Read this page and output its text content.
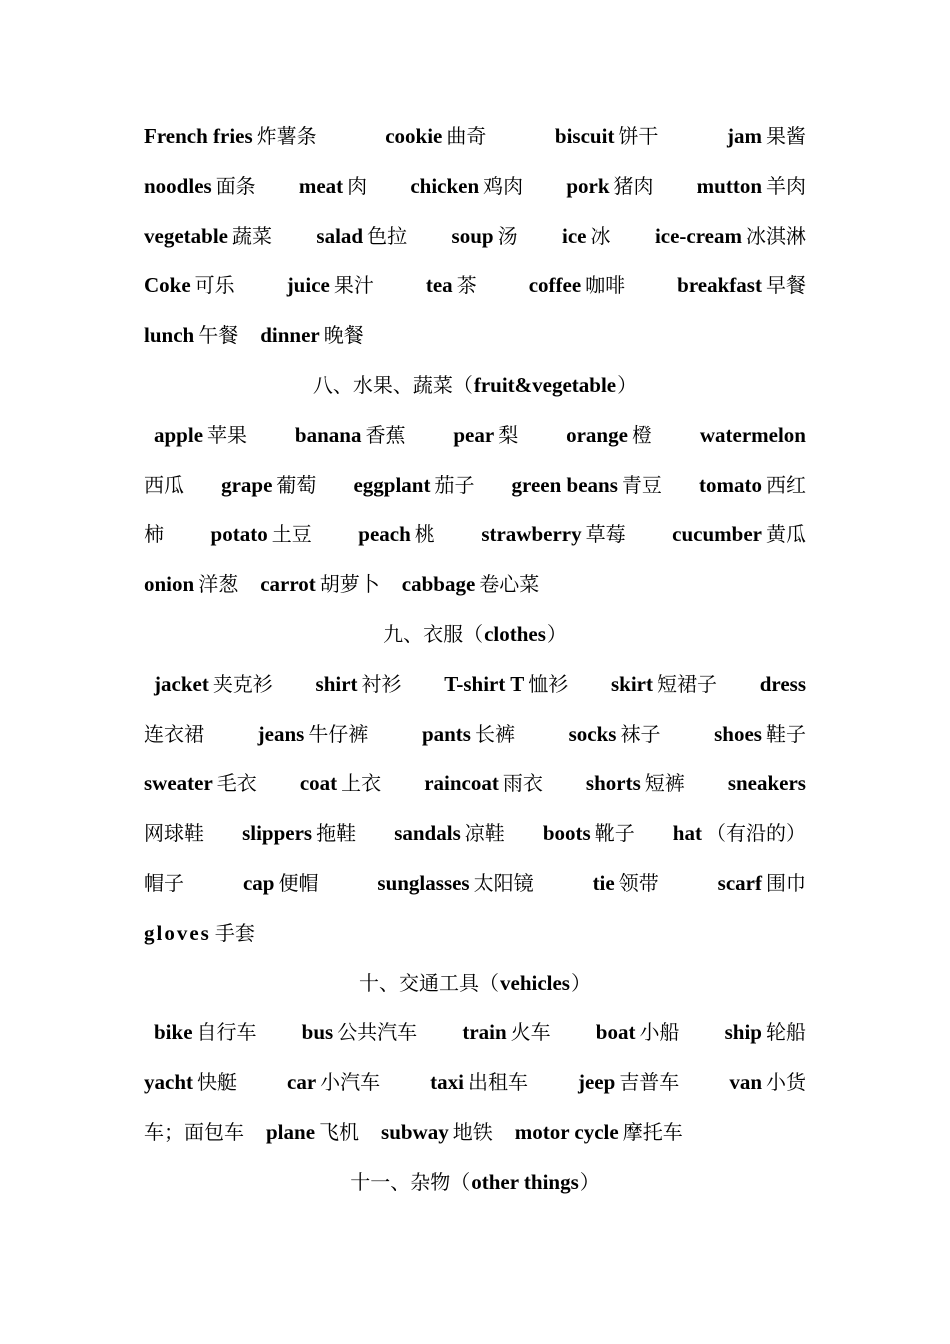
French fries 炸薯条	cookie 曲奇	biscuit 饼干	jam 果酱
noodles 面条 meat 肉 chicken 鸡肉 pork 猪肉 mutton 羊肉
vegetable 蔬菜 salad 色拉 soup 汤 ice 冰 ice-cream 冰淇淋
Coke 可乐 juice 果汁 tea 茶 coffee 咖啡 breakfast 早餐
lunch 午餐 dinner 晚餐
八、水果、蔬菜（ fruit&vegetable ）
apple 苹果 banana 香蕉 pear 梨 orange 橙 watermelon
西瓜 grape 葡萄 eggplant 茄子 green beans 青豆 tomato 西红
柿 potato 土豆 peach 桃 strawberry 草莓 cucumber 黄瓜
onion 洋葱 carrot 胡萝卜 cabbage 卷心菜
九、衣服（ clothes ）
jacket 夹克衫 shirt 衬衫 T-shirt T 恤衫 skirt 短裙子 dress
连衣裙	jeans 牛仔裤	pants 长裤	socks 袜子	shoes 鞋子
sweater 毛衣 coat 上衣 raincoat 雨衣 shorts 短裤 sneakers
网球鞋 slippers 拖鞋 sandals 凉鞋 boots 靴子 hat （有沿的）
帽子	cap 便帽	sunglasses 太阳镜	tie 领带	scarf 围巾
gloves 手套
十、交通工具（ vehicles ）
bike 自行车 bus 公共汽车 train 火车 boat 小船 ship 轮船
yacht 快艇 car 小汽车 taxi 出租车 jeep 吉普车 van 小货
车；面包车 plane 飞机 subway 地铁 motor cycle 摩托车
十一、杂物（ other things ）
